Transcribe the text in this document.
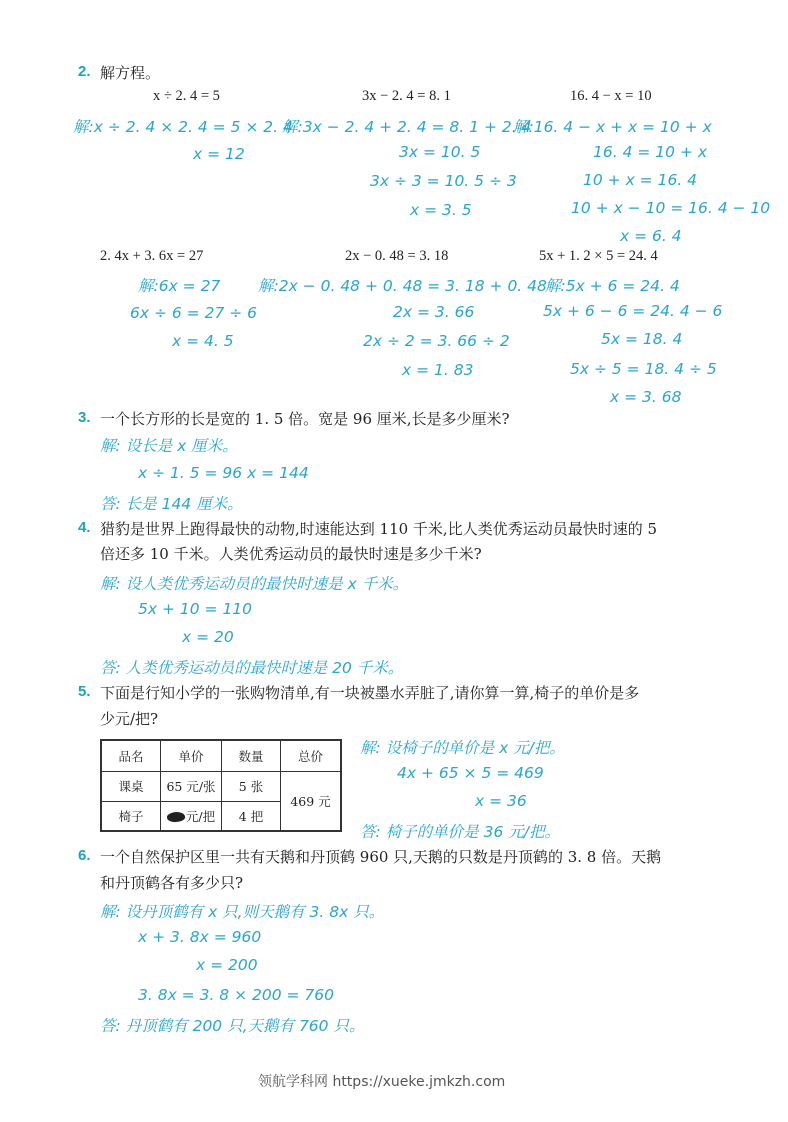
2. 解方程。
x ÷ 2. 4 = 5	3x − 2. 4 = 8. 1	16. 4 − x = 10
解:x ÷ 2. 4 × 2. 4 = 5 × 2. 4
x = 12
解:3x − 2. 4 + 2. 4 = 8. 1 + 2. 4
3x = 10. 5
3x ÷ 3 = 10. 5 ÷ 3
x = 3. 5
解:16. 4 − x + x = 10 + x
16. 4 = 10 + x
10 + x = 16. 4
10 + x − 10 = 16. 4 − 10
x = 6. 4
2. 4x + 3. 6x = 27	2x − 0. 48 = 3. 18	5x + 1. 2 × 5 = 24. 4
解:6x = 27
6x ÷ 6 = 27 ÷ 6
x = 4. 5
解:2x − 0. 48 + 0. 48 = 3. 18 + 0. 48
2x = 3. 66
2x ÷ 2 = 3. 66 ÷ 2
x = 1. 83
解:5x + 6 = 24. 4
5x + 6 − 6 = 24. 4 − 6
5x = 18. 4
5x ÷ 5 = 18. 4 ÷ 5
x = 3. 68
3. 一个长方形的长是宽的 1. 5 倍。宽是 96 厘米,长是多少厘米?
解: 设长是 x 厘米。
x ÷ 1. 5 = 96 x = 144
答: 长是 144 厘米。
4. 猎豹是世界上跑得最快的动物,时速能达到 110 千米,比人类优秀运动员最快时速的 5
倍还多 10 千米。人类优秀运动员的最快时速是多少千米?
解: 设人类优秀运动员的最快时速是 x 千米。
5x + 10 = 110
x = 20
答: 人类优秀运动员的最快时速是 20 千米。
5. 下面是行知小学的一张购物清单,有一块被墨水弄脏了,请你算一算,椅子的单价是多
少元/把?
品名	单价	数量	总价
课桌	65 元/张	5 张	469 元
椅子	元/把	4 把	
解: 设椅子的单价是 x 元/把。
4x + 65 × 5 = 469
x = 36
答: 椅子的单价是 36 元/把。
6. 一个自然保护区里一共有天鹅和丹顶鹤 960 只,天鹅的只数是丹顶鹤的 3. 8 倍。天鹅
和丹顶鹤各有多少只?
解: 设丹顶鹤有 x 只,则天鹅有 3. 8x 只。
x + 3. 8x = 960
x = 200
3. 8x = 3. 8 × 200 = 760
答: 丹顶鹤有 200 只,天鹅有 760 只。
领航学科网 https://xueke.jmkzh.com
